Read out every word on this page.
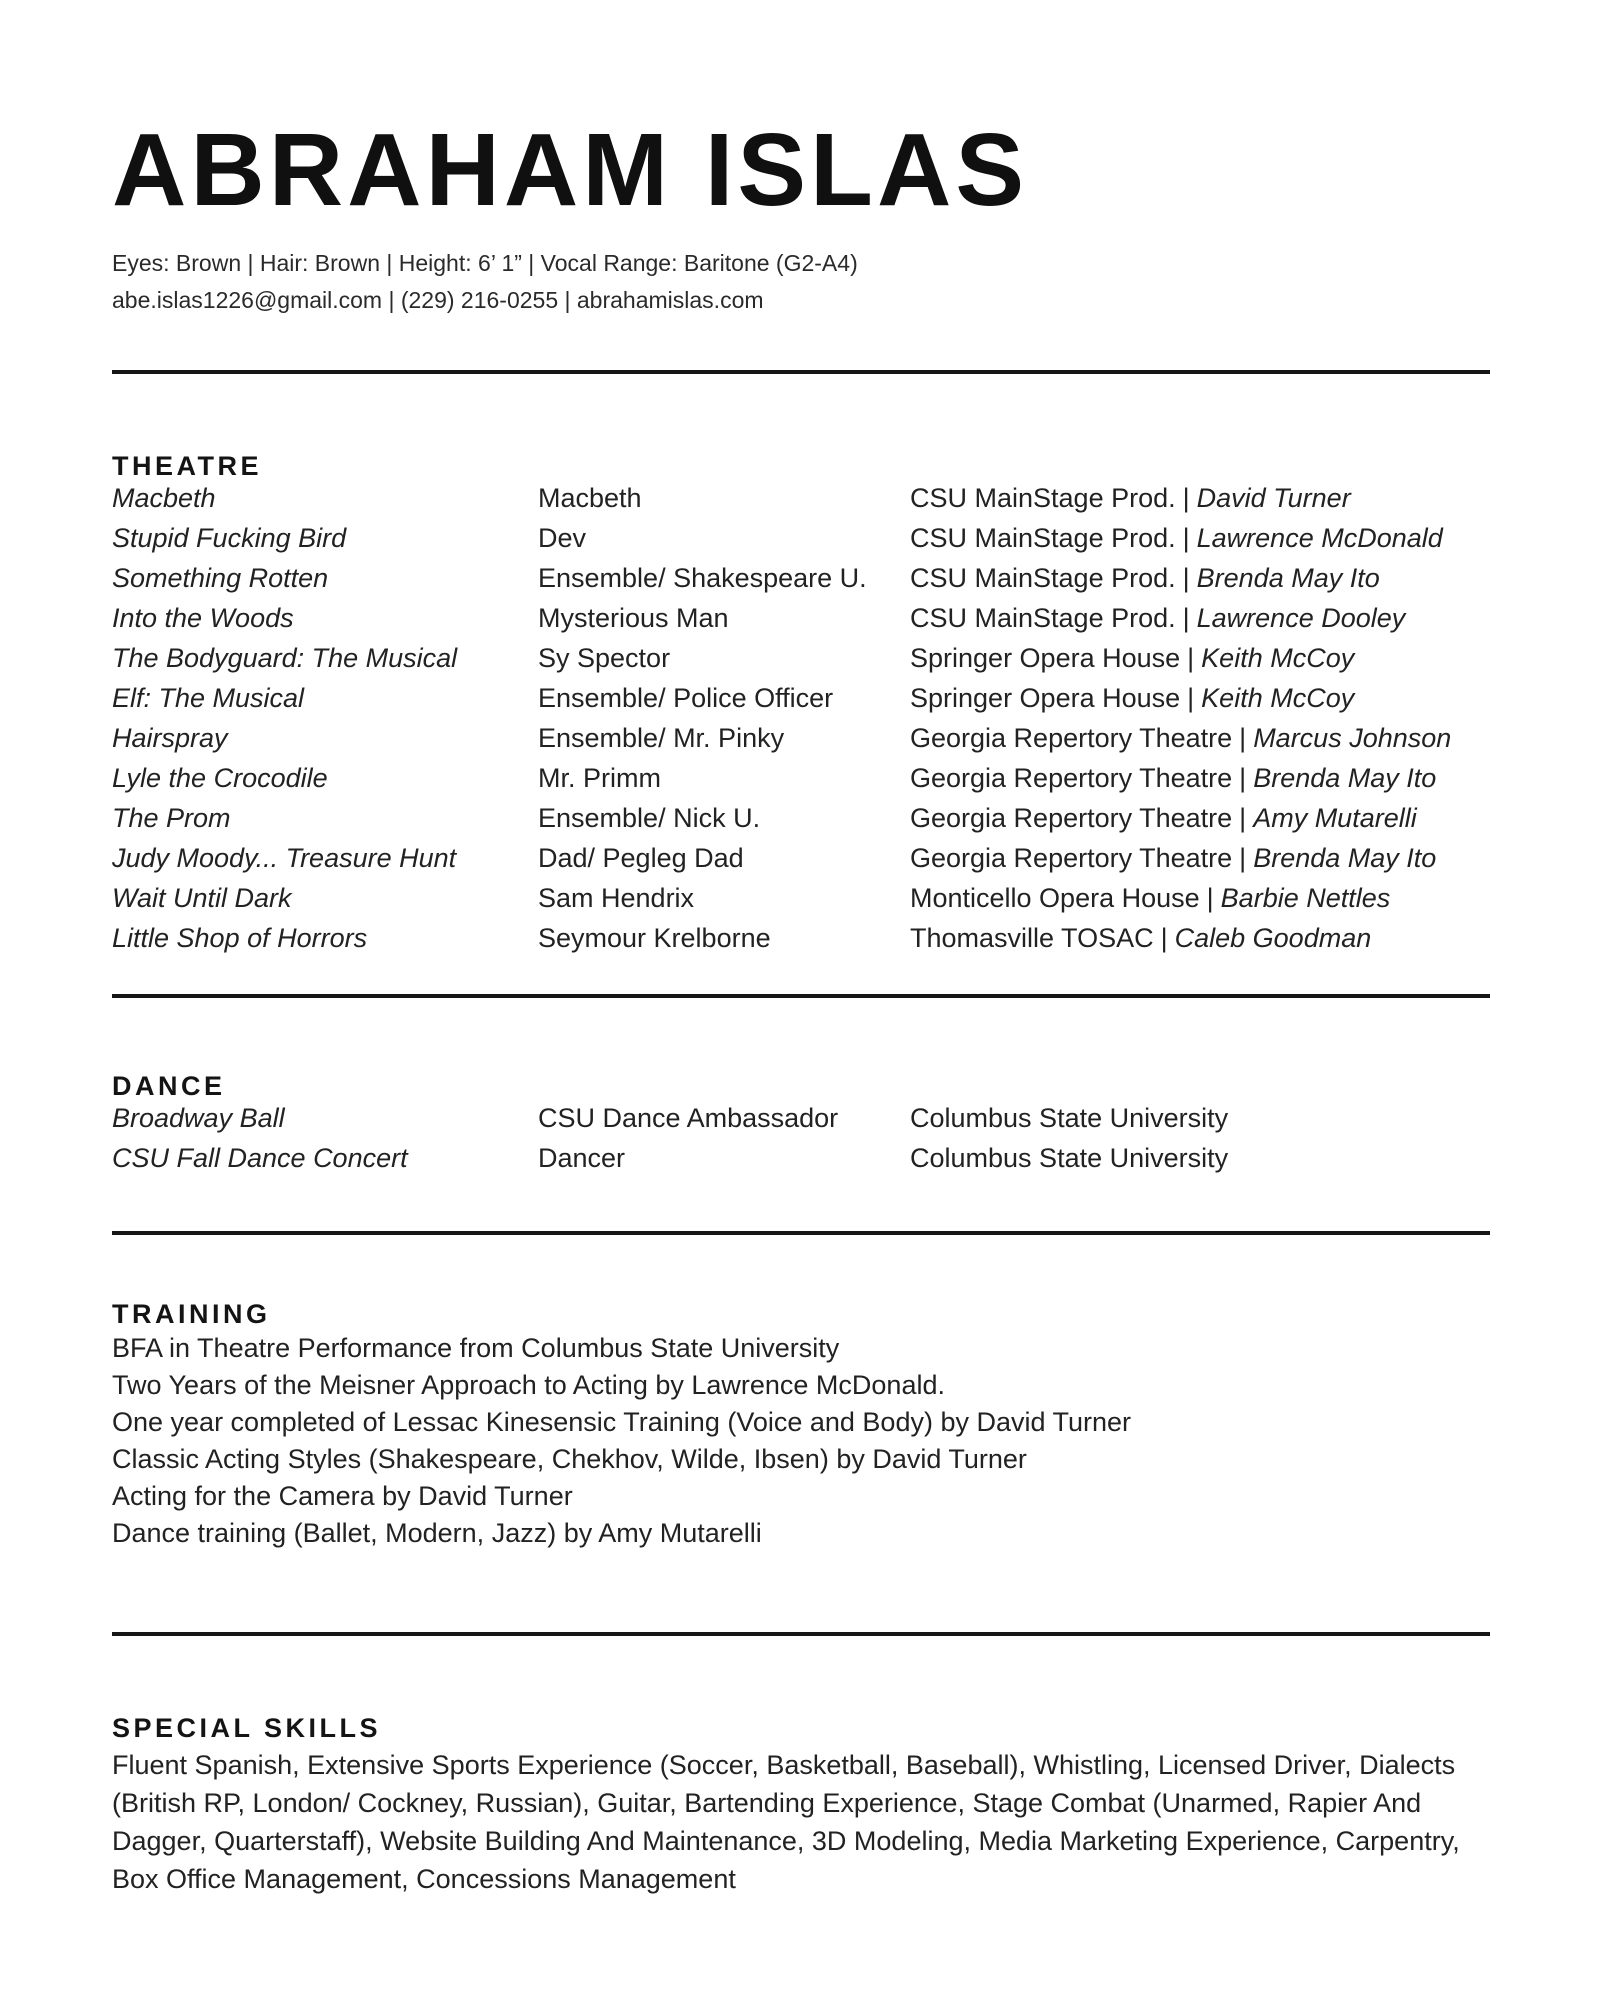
ABRAHAM ISLAS

Eyes: Brown | Hair: Brown | Height: 6’ 1” | Vocal Range: Baritone (G2-A4)

abe.islas1226@gmail.com | (229) 216-0255 | abrahamislas.com

THEATRE
Macbeth	Macbeth	CSU MainStage Prod. | David Turner
Stupid Fucking Bird	Dev	CSU MainStage Prod. | Lawrence McDonald
Something Rotten	Ensemble/ Shakespeare U.	CSU MainStage Prod. | Brenda May Ito
Into the Woods	Mysterious Man	CSU MainStage Prod. | Lawrence Dooley
The Bodyguard: The Musical	Sy Spector	Springer Opera House | Keith McCoy
Elf: The Musical	Ensemble/ Police Officer	Springer Opera House | Keith McCoy
Hairspray	Ensemble/ Mr. Pinky	Georgia Repertory Theatre | Marcus Johnson
Lyle the Crocodile	Mr. Primm	Georgia Repertory Theatre | Brenda May Ito
The Prom	Ensemble/ Nick U.	Georgia Repertory Theatre | Amy Mutarelli
Judy Moody... Treasure Hunt	Dad/ Pegleg Dad	Georgia Repertory Theatre | Brenda May Ito
Wait Until Dark	Sam Hendrix	Monticello Opera House | Barbie Nettles
Little Shop of Horrors	Seymour Krelborne	Thomasville TOSAC | Caleb Goodman
DANCE
Broadway Ball	CSU Dance Ambassador	Columbus State University
CSU Fall Dance Concert	Dancer	Columbus State University
TRAINING
BFA in Theatre Performance from Columbus State University
Two Years of the Meisner Approach to Acting by Lawrence McDonald.
One year completed of Lessac Kinesensic Training (Voice and Body) by David Turner
Classic Acting Styles (Shakespeare, Chekhov, Wilde, Ibsen) by David Turner
Acting for the Camera by David Turner
Dance training (Ballet, Modern, Jazz) by Amy Mutarelli
SPECIAL SKILLS

Fluent Spanish, Extensive Sports Experience (Soccer, Basketball, Baseball), Whistling, Licensed Driver, Dialects (British RP, London/ Cockney, Russian), Guitar, Bartending Experience, Stage Combat (Unarmed, Rapier And Dagger, Quarterstaff), Website Building And Maintenance, 3D Modeling, Media Marketing Experience, Carpentry, Box Office Management, Concessions Management
